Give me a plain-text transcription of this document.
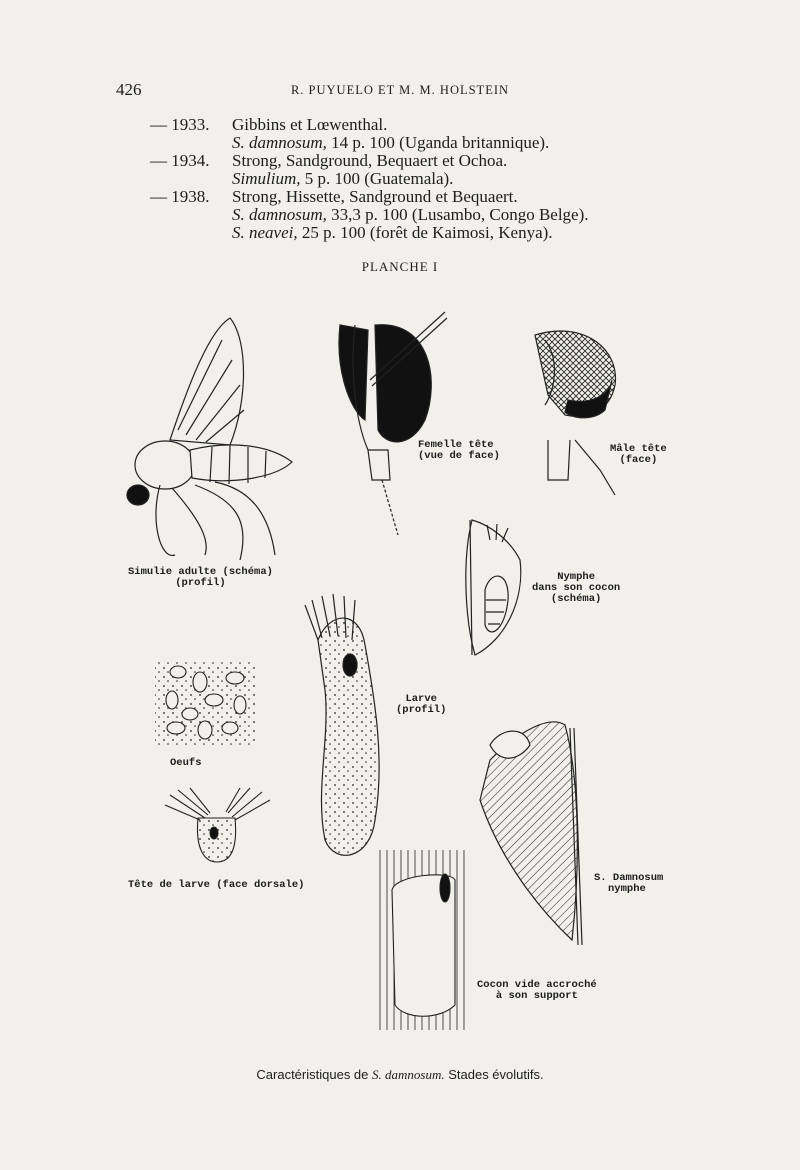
426	R. PUYUELO ET M. M. HOLSTEIN
— 1933. Gibbins et Lœwenthal.
S. damnosum, 14 p. 100 (Uganda britannique).
— 1934. Strong, Sandground, Bequaert et Ochoa.
Simulium, 5 p. 100 (Guatemala).
— 1938. Strong, Hissette, Sandground et Bequaert.
S. damnosum, 33,3 p. 100 (Lusambo, Congo Belge).
S. neavei, 25 p. 100 (forêt de Kaimosi, Kenya).
PLANCHE I
Simulie adulte (schéma)
(profil)
Femelle tête
(vue de face)
Mâle tête
(face)
Nymphe
dans son cocon
(schéma)
Larve
(profil)
Oeufs
Tête de larve (face dorsale)
S. Damnosum
nymphe
Cocon vide accroché
à son support
Caractéristiques de S. damnosum. Stades évolutifs.
